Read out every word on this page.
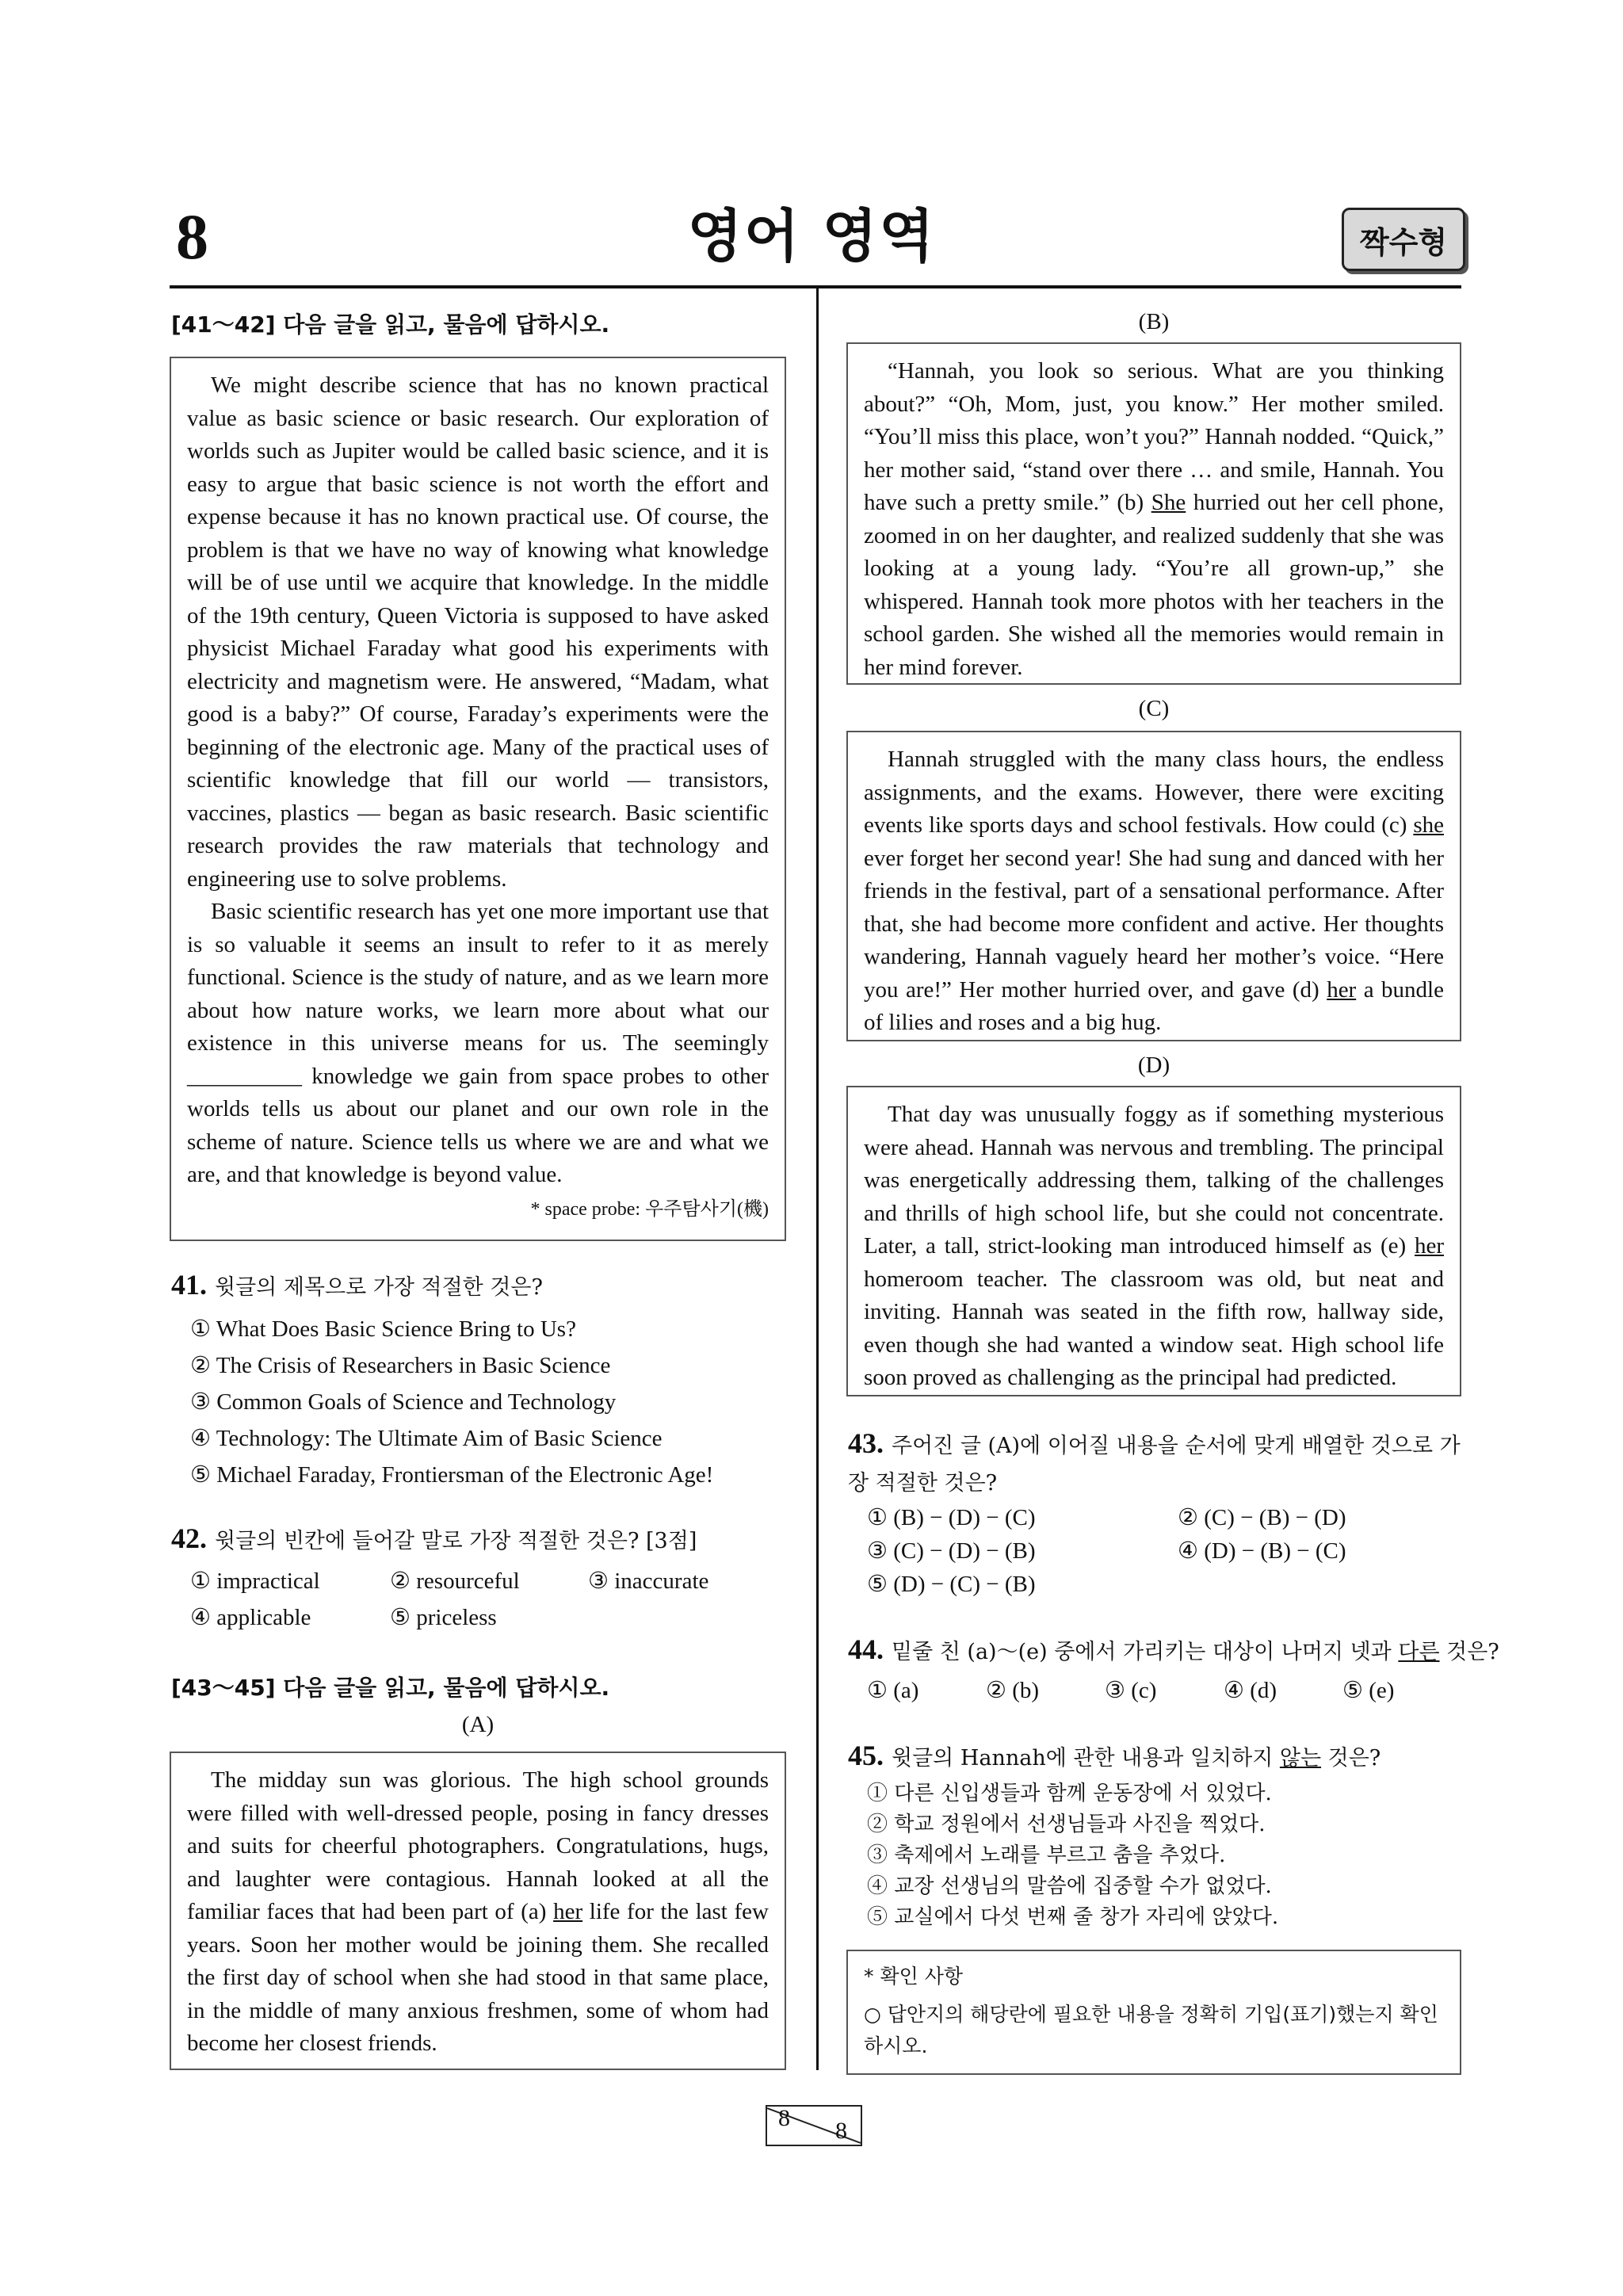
8	영어 영역	짝수형
[41～42] 다음 글을 읽고, 물음에 답하시오.

We might describe science that has no known practical value as basic science or basic research. Our exploration of worlds such as Jupiter would be called basic science, and it is easy to argue that basic science is not worth the effort and expense because it has no known practical use. Of course, the problem is that we have no way of knowing what knowledge will be of use until we acquire that knowledge. In the middle of the 19th century, Queen Victoria is supposed to have asked physicist Michael Faraday what good his experiments with electricity and magnetism were. He answered, “Madam, what good is a baby?” Of course, Faraday’s experiments were the beginning of the electronic age. Many of the practical uses of scientific knowledge that fill our world — transistors, vaccines, plastics — began as basic research. Basic scientific research provides the raw materials that technology and engineering use to solve problems.

Basic scientific research has yet one more important use that is so valuable it seems an insult to refer to it as merely functional. Science is the study of nature, and as we learn more about how nature works, we learn more about what our existence in this universe means for us. The seemingly __________ knowledge we gain from space probes to other worlds tells us about our planet and our own role in the scheme of nature. Science tells us where we are and what we are, and that knowledge is beyond value.

* space probe: 우주탐사기(機)
41. 윗글의 제목으로 가장 적절한 것은?
① What Does Basic Science Bring to Us?
② The Crisis of Researchers in Basic Science
③ Common Goals of Science and Technology
④ Technology: The Ultimate Aim of Basic Science
⑤ Michael Faraday, Frontiersman of the Electronic Age!
42. 윗글의 빈칸에 들어갈 말로 가장 적절한 것은? [3점]
① impractical	② resourceful	③ inaccurate
④ applicable	⑤ priceless
[43～45] 다음 글을 읽고, 물음에 답하시오.
(A)

The midday sun was glorious. The high school grounds were filled with well-dressed people, posing in fancy dresses and suits for cheerful photographers. Congratulations, hugs, and laughter were contagious. Hannah looked at all the familiar faces that had been part of (a) her life for the last few years. Soon her mother would be joining them. She recalled the first day of school when she had stood in that same place, in the middle of many anxious freshmen, some of whom had become her closest friends.

(B)

“Hannah, you look so serious. What are you thinking about?” “Oh, Mom, just, you know.” Her mother smiled. “You’ll miss this place, won’t you?” Hannah nodded. “Quick,” her mother said, “stand over there … and smile, Hannah. You have such a pretty smile.” (b) She hurried out her cell phone, zoomed in on her daughter, and realized suddenly that she was looking at a young lady. “You’re all grown-up,” she whispered. Hannah took more photos with her teachers in the school garden. She wished all the memories would remain in her mind forever.

(C)

Hannah struggled with the many class hours, the endless assignments, and the exams. However, there were exciting events like sports days and school festivals. How could (c) she ever forget her second year! She had sung and danced with her friends in the festival, part of a sensational performance. After that, she had become more confident and active. Her thoughts wandering, Hannah vaguely heard her mother’s voice. “Here you are!” Her mother hurried over, and gave (d) her a bundle of lilies and roses and a big hug.

(D)

That day was unusually foggy as if something mysterious were ahead. Hannah was nervous and trembling. The principal was energetically addressing them, talking of the challenges and thrills of high school life, but she could not concentrate. Later, a tall, strict-looking man introduced himself as (e) her homeroom teacher. The classroom was old, but neat and inviting. Hannah was seated in the fifth row, hallway side, even though she had wanted a window seat. High school life soon proved as challenging as the principal had predicted.

43. 주어진 글 (A)에 이어질 내용을 순서에 맞게 배열한 것으로 가장 적절한 것은?
① (B) − (D) − (C)	② (C) − (B) − (D)
③ (C) − (D) − (B)	④ (D) − (B) − (C)
⑤ (D) − (C) − (B)
44. 밑줄 친 (a)～(e) 중에서 가리키는 대상이 나머지 넷과 다른 것은?
① (a)	② (b)	③ (c)	④ (d)	⑤ (e)
45. 윗글의 Hannah에 관한 내용과 일치하지 않는 것은?
① 다른 신입생들과 함께 운동장에 서 있었다.
② 학교 정원에서 선생님들과 사진을 찍었다.
③ 축제에서 노래를 부르고 춤을 추었다.
④ 교장 선생님의 말씀에 집중할 수가 없었다.
⑤ 교실에서 다섯 번째 줄 창가 자리에 앉았다.
* 확인 사항
○ 답안지의 해당란에 필요한 내용을 정확히 기입(표기)했는지 확인하시오.
8 8
